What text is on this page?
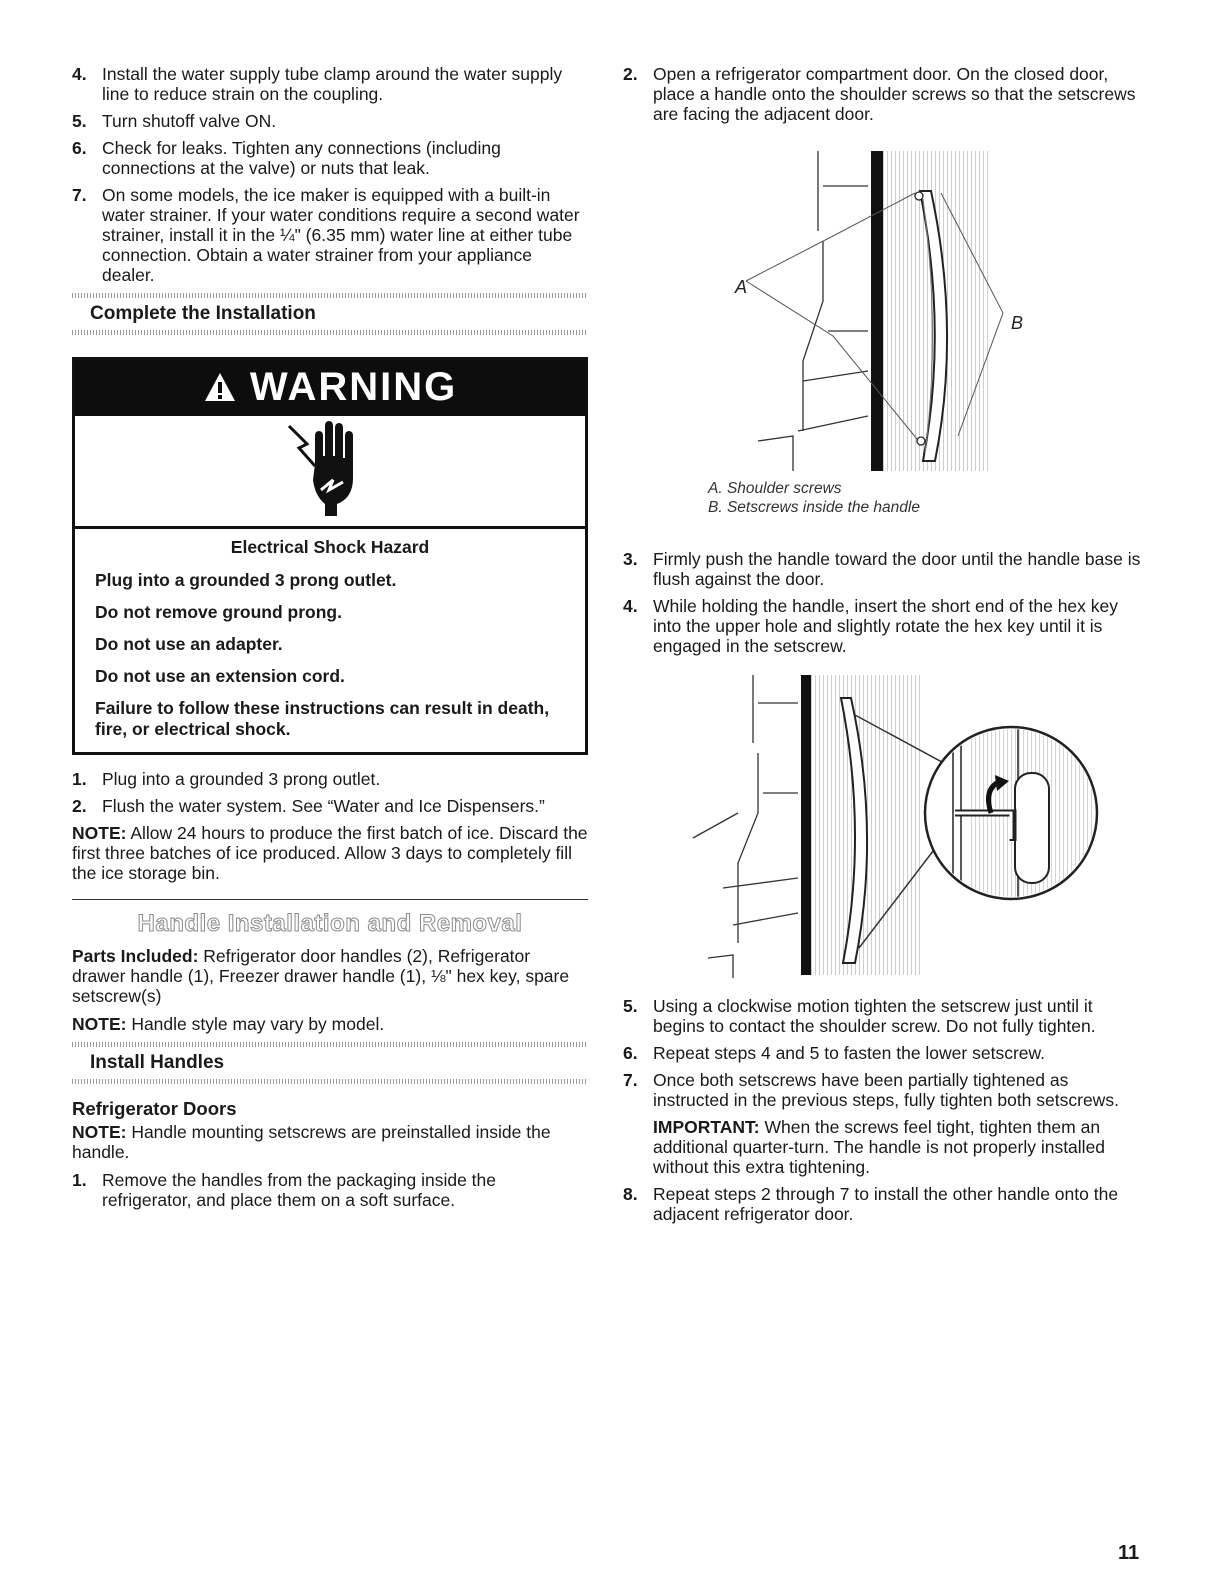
4. Install the water supply tube clamp around the water supply line to reduce strain on the coupling.
5. Turn shutoff valve ON.
6. Check for leaks. Tighten any connections (including connections at the valve) or nuts that leak.
7. On some models, the ice maker is equipped with a built-in water strainer. If your water conditions require a second water strainer, install it in the ¼" (6.35 mm) water line at either tube connection. Obtain a water strainer from your appliance dealer.
Complete the Installation
WARNING
Electrical Shock Hazard
Plug into a grounded 3 prong outlet.
Do not remove ground prong.
Do not use an adapter.
Do not use an extension cord.
Failure to follow these instructions can result in death, fire, or electrical shock.
1. Plug into a grounded 3 prong outlet.
2. Flush the water system. See “Water and Ice Dispensers.”

NOTE: Allow 24 hours to produce the first batch of ice. Discard the first three batches of ice produced. Allow 3 days to completely fill the ice storage bin.

Handle Installation and Removal

Parts Included: Refrigerator door handles (2), Refrigerator drawer handle (1), Freezer drawer handle (1), ⅛" hex key, spare setscrew(s)

NOTE: Handle style may vary by model.

Install Handles
Refrigerator Doors

NOTE: Handle mounting setscrews are preinstalled inside the handle.

1. Remove the handles from the packaging inside the refrigerator, and place them on a soft surface.
2. Open a refrigerator compartment door. On the closed door, place a handle onto the shoulder screws so that the setscrews are facing the adjacent door.
A
B
A. Shoulder screws
B. Setscrews inside the handle
3. Firmly push the handle toward the door until the handle base is flush against the door.
4. While holding the handle, insert the short end of the hex key into the upper hole and slightly rotate the hex key until it is engaged in the setscrew.
5. Using a clockwise motion tighten the setscrew just until it begins to contact the shoulder screw. Do not fully tighten.
6. Repeat steps 4 and 5 to fasten the lower setscrew.
7. Once both setscrews have been partially tightened as instructed in the previous steps, fully tighten both setscrews.
IMPORTANT: When the screws feel tight, tighten them an additional quarter-turn. The handle is not properly installed without this extra tightening.
8. Repeat steps 2 through 7 to install the other handle onto the adjacent refrigerator door.
11
